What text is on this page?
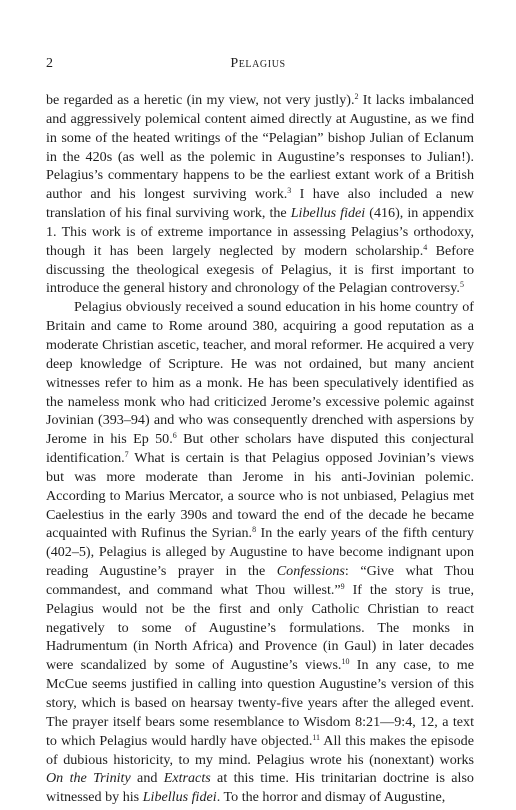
2	Pelagius

be regarded as a heretic (in my view, not very justly).$^2$ It lacks imbalanced and aggressively polemical content aimed directly at Augustine, as we find in some of the heated writings of the “Pelagian” bishop Julian of Eclanum in the 420s (as well as the polemic in Augustine’s responses to Julian!). Pelagius’s commentary happens to be the earliest extant work of a British author and his longest surviving work.$^3$ I have also included a new translation of his final surviving work, the Libellus fidei (416), in appendix 1. This work is of extreme importance in assessing Pelagius’s orthodoxy, though it has been largely neglected by modern scholarship.$^4$ Before discussing the theological exegesis of Pelagius, it is first important to introduce the general history and chronology of the Pelagian controversy.$^5$

Pelagius obviously received a sound education in his home country of Britain and came to Rome around 380, acquiring a good reputation as a moderate Christian ascetic, teacher, and moral reformer. He acquired a very deep knowledge of Scripture. He was not ordained, but many ancient witnesses refer to him as a monk. He has been speculatively identified as the nameless monk who had criticized Jerome’s excessive polemic against Jovinian (393–94) and who was consequently drenched with aspersions by Jerome in his Ep 50.$^6$ But other scholars have disputed this conjectural identification.$^7$ What is certain is that Pelagius opposed Jovinian’s views but was more moderate than Jerome in his anti-Jovinian polemic. According to Marius Mercator, a source who is not unbiased, Pelagius met Caelestius in the early 390s and toward the end of the decade he became acquainted with Rufinus the Syrian.$^8$ In the early years of the fifth century (402–5), Pelagius is alleged by Augustine to have become indignant upon reading Augustine’s prayer in the Confessions: “Give what Thou commandest, and command what Thou willest.”$^9$ If the story is true, Pelagius would not be the first and only Catholic Christian to react negatively to some of Augustine’s formulations. The monks in Hadrumentum (in North Africa) and Provence (in Gaul) in later decades were scandalized by some of Augustine’s views.$^{10}$ In any case, to me McCue seems justified in calling into question Augustine’s version of this story, which is based on hearsay twenty-five years after the alleged event. The prayer itself bears some resemblance to Wisdom 8:21—9:4, 12, a text to which Pelagius would hardly have objected.$^{11}$ All this makes the episode of dubious historicity, to my mind. Pelagius wrote his (nonextant) works On the Trinity and Extracts at this time. His trinitarian doctrine is also witnessed by his Libellus fidei. To the horror and dismay of Augustine,
